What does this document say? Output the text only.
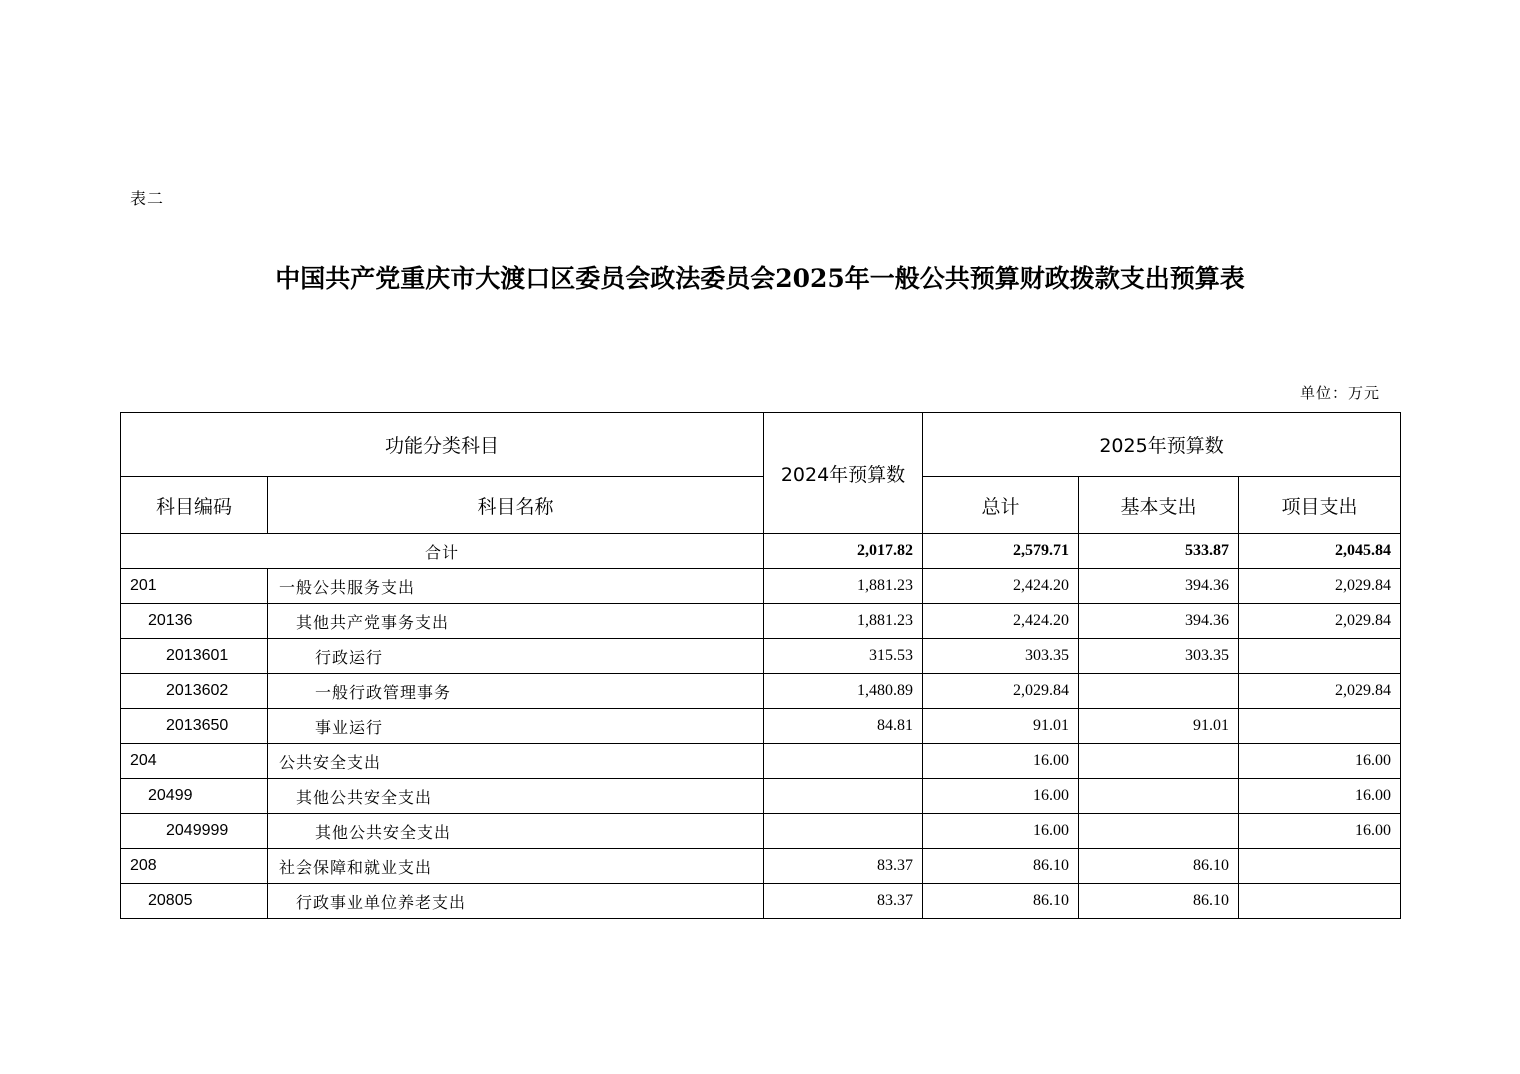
表二
中国共产党重庆市大渡口区委员会政法委员会2025年一般公共预算财政拨款支出预算表
单位：万元
功能分类科目		2024年预算数	2025年预算数		
科目编码	科目名称		总计	基本支出	项目支出
合计		2,017.82	2,579.71	533.87	2,045.84
201	一般公共服务支出	1,881.23	2,424.20	394.36	2,029.84
20136	其他共产党事务支出	1,881.23	2,424.20	394.36	2,029.84
2013601	行政运行	315.53	303.35	303.35	
2013602	一般行政管理事务	1,480.89	2,029.84		2,029.84
2013650	事业运行	84.81	91.01	91.01	
204	公共安全支出		16.00		16.00
20499	其他公共安全支出		16.00		16.00
2049999	其他公共安全支出		16.00		16.00
208	社会保障和就业支出	83.37	86.10	86.10	
20805	行政事业单位养老支出	83.37	86.10	86.10	
